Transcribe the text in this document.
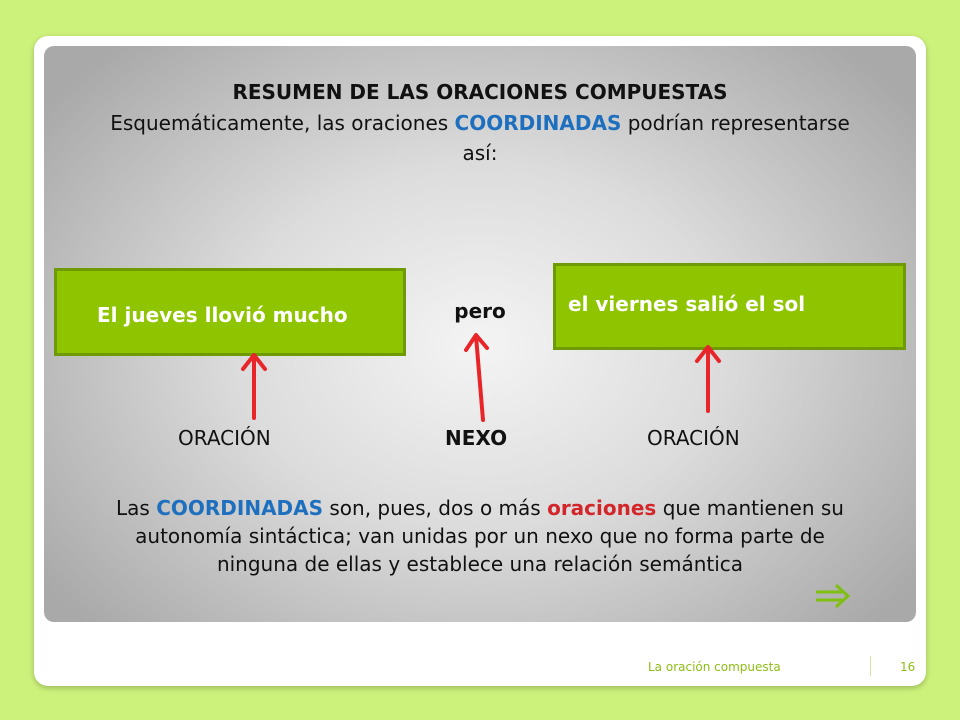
RESUMEN DE LAS ORACIONES COMPUESTAS
Esquemáticamente, las oraciones COORDINADAS podrían representarse así:
El jueves llovió mucho	pero	el viernes salió el sol
ORACIÓN	NEXO	ORACIÓN
Las COORDINADAS son, pues, dos o más oraciones que mantienen su autonomía sintáctica; van unidas por un nexo que no forma parte de ninguna de ellas y establece una relación semántica
La oración compuesta	16
